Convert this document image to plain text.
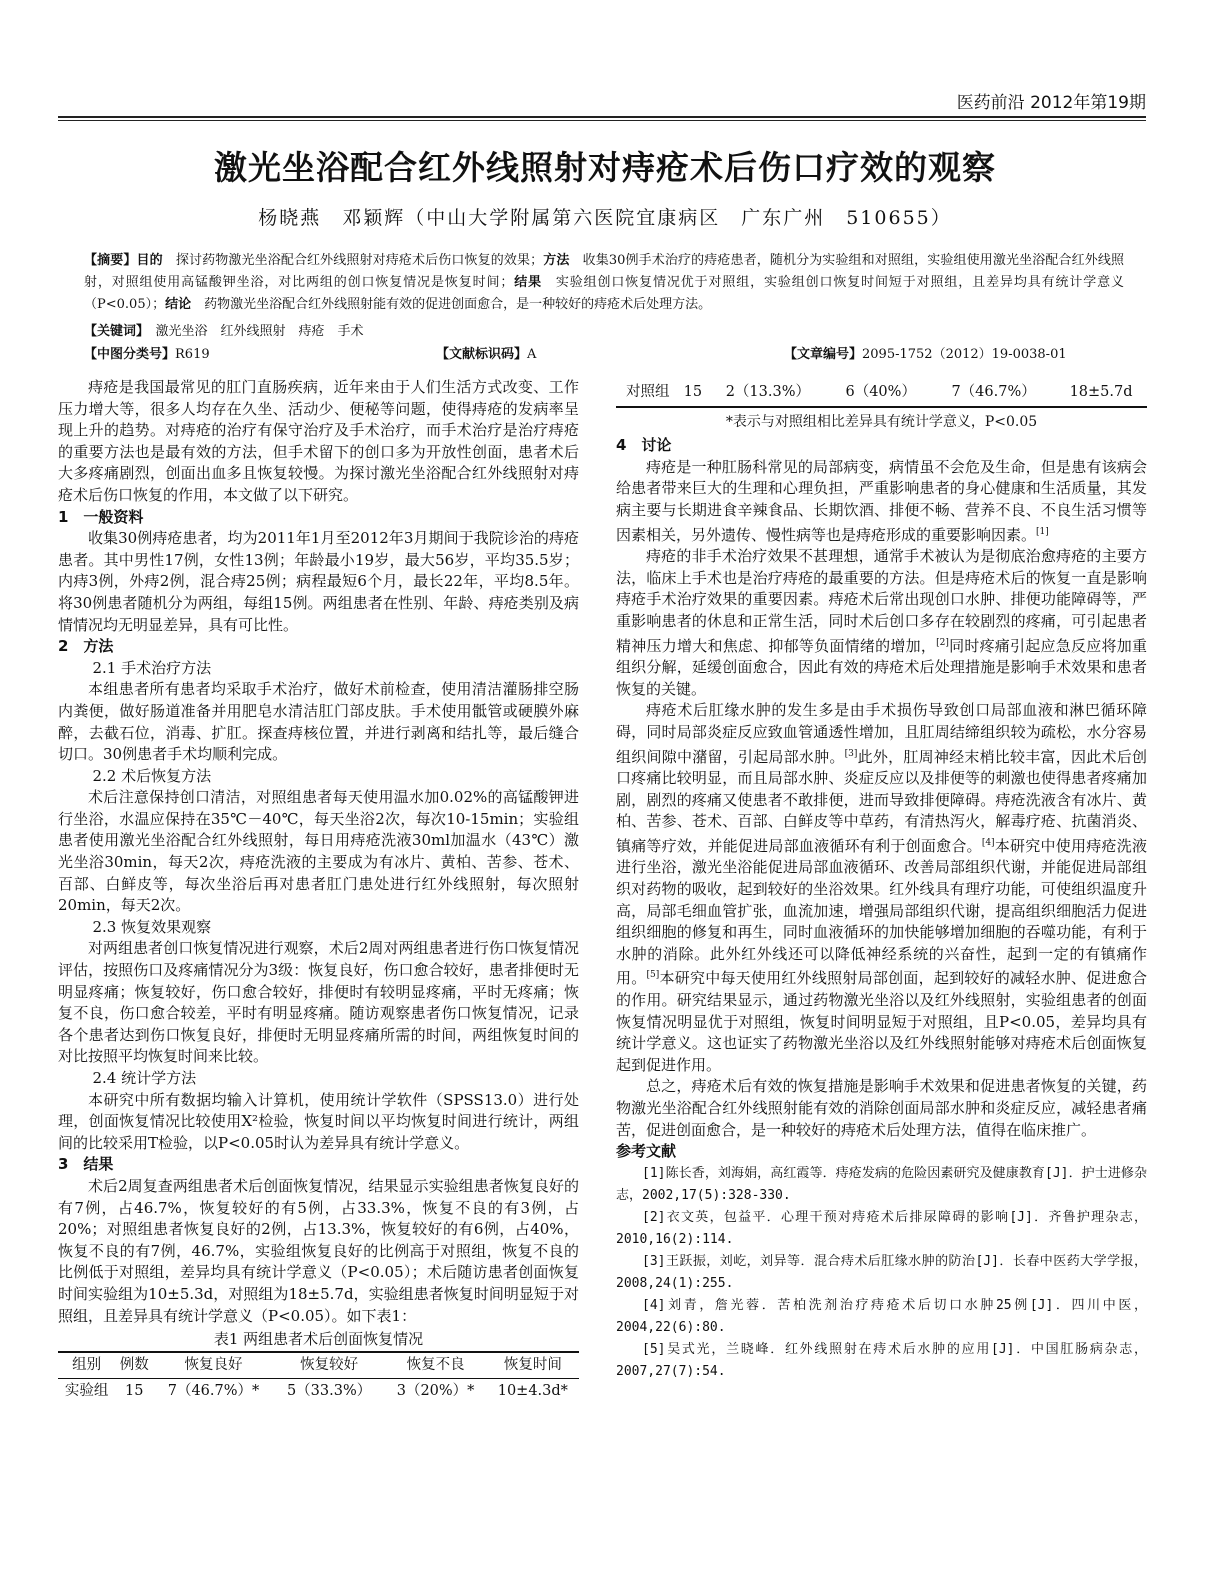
医药前沿 2012年第19期
激光坐浴配合红外线照射对痔疮术后伤口疗效的观察
杨晓燕　邓颖辉（中山大学附属第六医院宜康病区　广东广州　510655）
【摘要】目的　 探讨药物激光坐浴配合红外线照射对痔疮术后伤口恢复的效果；方法　 收集30例手术治疗的痔疮患者，随机分为实验组和对照组，实验组使用激光坐浴配合红外线照射，对照组使用高锰酸钾坐浴，对比两组的创口恢复情况是恢复时间；结果　 实验组创口恢复情况优于对照组，实验组创口恢复时间短于对照组，且差异均具有统计学意义（P<0.05）；结论　 药物激光坐浴配合红外线照射能有效的促进创面愈合，是一种较好的痔疮术后处理方法。
【关键词】　 激光坐浴　红外线照射　痔疮　手术
【中图分类号】R619	【文献标识码】A	【文章编号】2095-1752（2012）19-0038-01

痔疮是我国最常见的肛门直肠疾病，近年来由于人们生活方式改变、工作压力增大等，很多人均存在久坐、活动少、便秘等问题，使得痔疮的发病率呈现上升的趋势。对痔疮的治疗有保守治疗及手术治疗，而手术治疗是治疗痔疮的重要方法也是最有效的方法，但手术留下的创口多为开放性创面，患者术后大多疼痛剧烈，创面出血多且恢复较慢。为探讨激光坐浴配合红外线照射对痔疮术后伤口恢复的作用，本文做了以下研究。

1　一般资料

收集30例痔疮患者，均为2011年1月至2012年3月期间于我院诊治的痔疮患者。其中男性17例，女性13例；年龄最小19岁，最大56岁，平均35.5岁；内痔3例，外痔2例，混合痔25例；病程最短6个月，最长22年，平均8.5年。将30例患者随机分为两组，每组15例。两组患者在性别、年龄、痔疮类别及病情情况均无明显差异，具有可比性。

2　方法
2.1 手术治疗方法

本组患者所有患者均采取手术治疗，做好术前检查，使用清洁灌肠排空肠内粪便，做好肠道准备并用肥皂水清洁肛门部皮肤。手术使用骶管或硬膜外麻醉，去截石位，消毒、扩肛。探查痔核位置，并进行剥离和结扎等，最后缝合切口。30例患者手术均顺利完成。

2.2 术后恢复方法

术后注意保持创口清洁，对照组患者每天使用温水加0.02%的高锰酸钾进行坐浴，水温应保持在35℃－40℃，每天坐浴2次，每次10-15min；实验组患者使用激光坐浴配合红外线照射，每日用痔疮洗液30ml加温水（43℃）激光坐浴30min，每天2次，痔疮洗液的主要成为有冰片、黄柏、苦参、苍术、百部、白鲜皮等，每次坐浴后再对患者肛门患处进行红外线照射，每次照射20min，每天2次。

2.3 恢复效果观察

对两组患者创口恢复情况进行观察，术后2周对两组患者进行伤口恢复情况评估，按照伤口及疼痛情况分为3级：恢复良好，伤口愈合较好，患者排便时无明显疼痛；恢复较好，伤口愈合较好，排便时有较明显疼痛，平时无疼痛；恢复不良，伤口愈合较差，平时有明显疼痛。随访观察患者伤口恢复情况，记录各个患者达到伤口恢复良好，排便时无明显疼痛所需的时间，两组恢复时间的对比按照平均恢复时间来比较。

2.4 统计学方法

本研究中所有数据均输入计算机，使用统计学软件（SPSS13.0）进行处理，创面恢复情况比较使用X²检验，恢复时间以平均恢复时间进行统计，两组间的比较采用T检验，以P<0.05时认为差异具有统计学意义。

3　结果

术后2周复查两组患者术后创面恢复情况，结果显示实验组患者恢复良好的有7例，占46.7%，恢复较好的有5例，占33.3%，恢复不良的有3例，占20%；对照组患者恢复良好的2例，占13.3%，恢复较好的有6例，占40%，恢复不良的有7例，46.7%，实验组恢复良好的比例高于对照组，恢复不良的比例低于对照组，差异均具有统计学意义（P<0.05）；术后随访患者创面恢复时间实验组为10±5.3d，对照组为18±5.7d，实验组患者恢复时间明显短于对照组，且差异具有统计学意义（P<0.05）。如下表1：

表1 两组患者术后创面恢复情况
组别	例数	恢复良好	恢复较好	恢复不良	恢复时间
实验组	15	7（46.7%）*	5（33.3%）	3（20%）*	10±4.3d*
对照组	15	2（13.3%）	6（40%）	7（46.7%）	18±5.7d
*表示与对照组相比差异具有统计学意义，P<0.05
4　讨论

痔疮是一种肛肠科常见的局部病变，病情虽不会危及生命，但是患有该病会给患者带来巨大的生理和心理负担，严重影响患者的身心健康和生活质量，其发病主要与长期进食辛辣食品、长期饮酒、排便不畅、营养不良、不良生活习惯等因素相关，另外遗传、慢性病等也是痔疮形成的重要影响因素。[1]

痔疮的非手术治疗效果不甚理想，通常手术被认为是彻底治愈痔疮的主要方法，临床上手术也是治疗痔疮的最重要的方法。但是痔疮术后的恢复一直是影响痔疮手术治疗效果的重要因素。痔疮术后常出现创口水肿、排便功能障碍等，严重影响患者的休息和正常生活，同时术后创口多存在较剧烈的疼痛，可引起患者精神压力增大和焦虑、抑郁等负面情绪的增加，[2]同时疼痛引起应急反应将加重组织分解，延缓创面愈合，因此有效的痔疮术后处理措施是影响手术效果和患者恢复的关键。

痔疮术后肛缘水肿的发生多是由手术损伤导致创口局部血液和淋巴循环障碍，同时局部炎症反应致血管通透性增加，且肛周结缔组织较为疏松，水分容易组织间隙中潴留，引起局部水肿。[3]此外，肛周神经末梢比较丰富，因此术后创口疼痛比较明显，而且局部水肿、炎症反应以及排便等的刺激也使得患者疼痛加剧，剧烈的疼痛又使患者不敢排便，进而导致排便障碍。痔疮洗液含有冰片、黄柏、苦参、苍术、百部、白鲜皮等中草药，有清热泻火，解毒疗疮、抗菌消炎、镇痛等疗效，并能促进局部血液循环有利于创面愈合。[4]本研究中使用痔疮洗液进行坐浴，激光坐浴能促进局部血液循环、改善局部组织代谢，并能促进局部组织对药物的吸收，起到较好的坐浴效果。红外线具有理疗功能，可使组织温度升高，局部毛细血管扩张，血流加速，增强局部组织代谢，提高组织细胞活力促进组织细胞的修复和再生，同时血液循环的加快能够增加细胞的吞噬功能，有利于水肿的消除。此外红外线还可以降低神经系统的兴奋性，起到一定的有镇痛作用。[5]本研究中每天使用红外线照射局部创面，起到较好的减轻水肿、促进愈合的作用。研究结果显示，通过药物激光坐浴以及红外线照射，实验组患者的创面恢复情况明显优于对照组，恢复时间明显短于对照组，且P<0.05，差异均具有统计学意义。这也证实了药物激光坐浴以及红外线照射能够对痔疮术后创面恢复起到促进作用。

总之，痔疮术后有效的恢复措施是影响手术效果和促进患者恢复的关键，药物激光坐浴配合红外线照射能有效的消除创面局部水肿和炎症反应，减轻患者痛苦，促进创面愈合，是一种较好的痔疮术后处理方法，值得在临床推广。

参考文献

[1]陈长香，刘海娟，高红霞等．痔疮发病的危险因素研究及健康教育[J]．护士进修杂志，2002,17(5):328-330.

[2]衣文英，包益平．心理干预对痔疮术后排尿障碍的影响[J]．齐鲁护理杂志，2010,16(2):114.

[3]王跃振，刘屹，刘异等．混合痔术后肛缘水肿的防治[J]．长春中医药大学学报，2008,24(1):255.

[4]刘青，詹光蓉．苦柏洗剂治疗痔疮术后切口水肿25例[J]．四川中医，2004,22(6):80.

[5]吴式光，兰晓峰．红外线照射在痔术后水肿的应用[J]．中国肛肠病杂志，2007,27(7):54.
